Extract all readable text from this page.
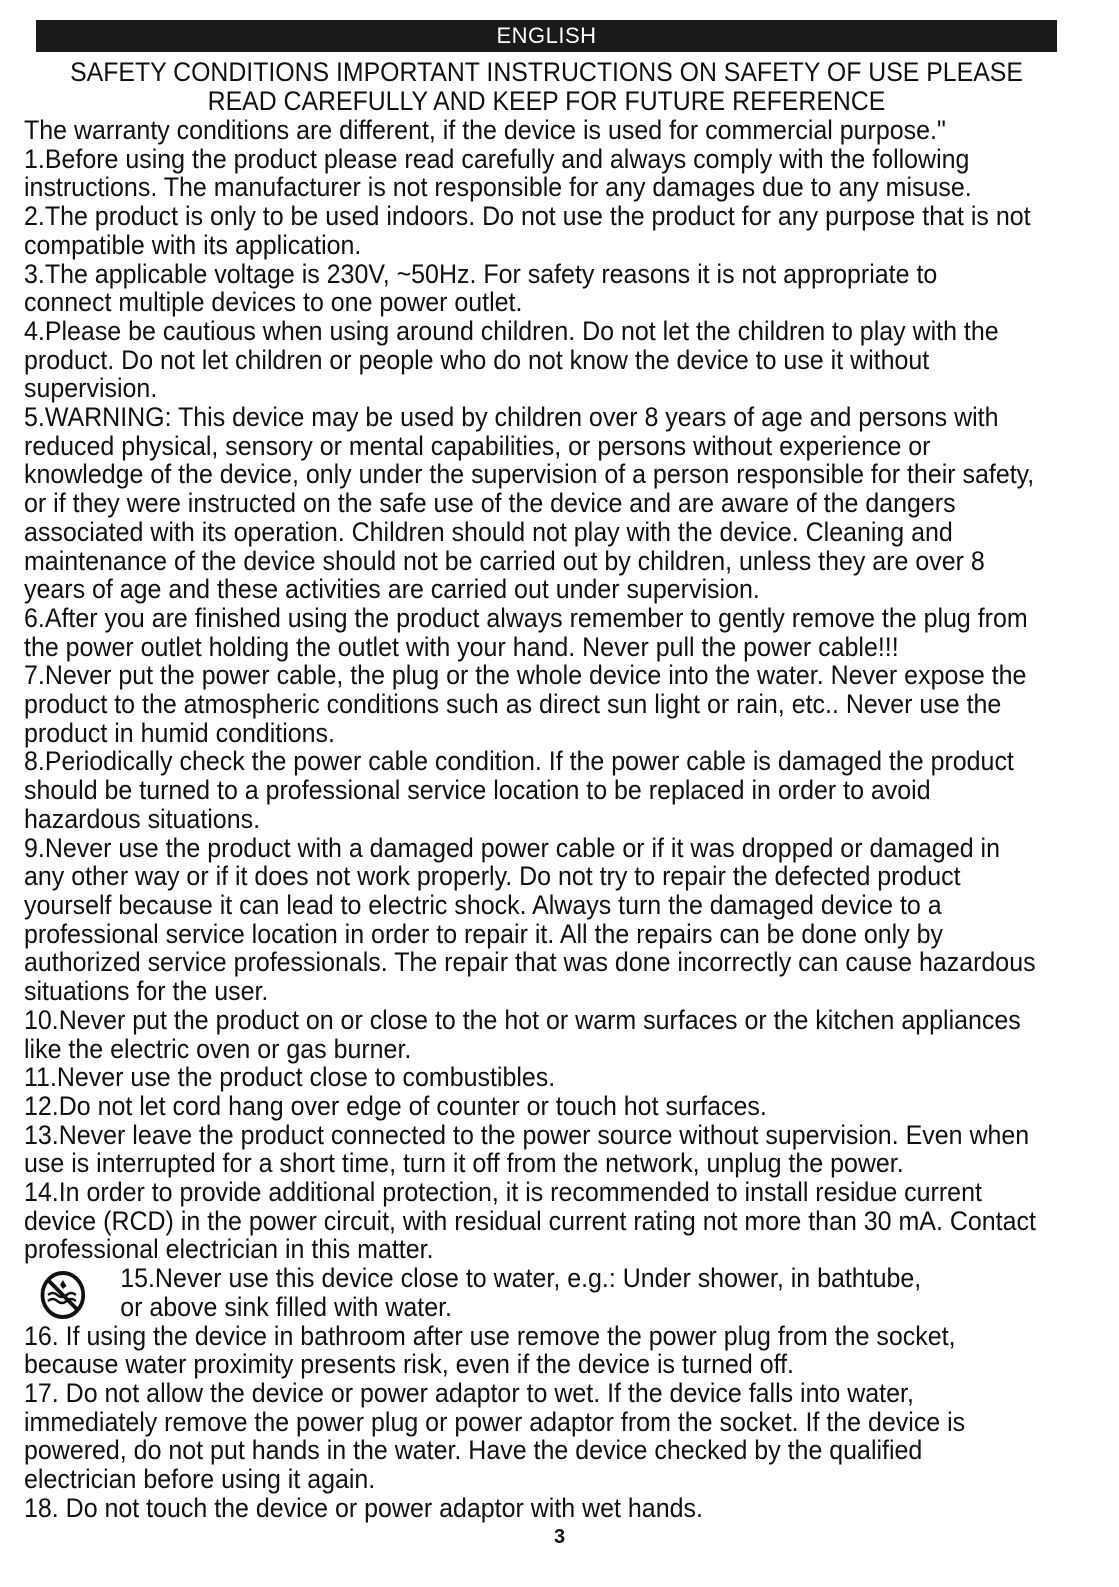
ENGLISH
SAFETY CONDITIONS IMPORTANT INSTRUCTIONS ON SAFETY OF USE PLEASE
READ CAREFULLY AND KEEP FOR FUTURE REFERENCE

The warranty conditions are different, if the device is used for commercial purpose."

1.Before using the product please read carefully and always comply with the following

instructions. The manufacturer is not responsible for any damages due to any misuse.

2.The product is only to be used indoors. Do not use the product for any purpose that is not

compatible with its application.

3.The applicable voltage is 230V, ~50Hz. For safety reasons it is not appropriate to

connect multiple devices to one power outlet.

4.Please be cautious when using around children. Do not let the children to play with the

product. Do not let children or people who do not know the device to use it without

supervision.

5.WARNING: This device may be used by children over 8 years of age and persons with

reduced physical, sensory or mental capabilities, or persons without experience or

knowledge of the device, only under the supervision of a person responsible for their safety,

or if they were instructed on the safe use of the device and are aware of the dangers

associated with its operation. Children should not play with the device. Cleaning and

maintenance of the device should not be carried out by children, unless they are over 8

years of age and these activities are carried out under supervision.

6.After you are finished using the product always remember to gently remove the plug from

the power outlet holding the outlet with your hand. Never pull the power cable!!!

7.Never put the power cable, the plug or the whole device into the water. Never expose the

product to the atmospheric conditions such as direct sun light or rain, etc.. Never use the

product in humid conditions.

8.Periodically check the power cable condition. If the power cable is damaged the product

should be turned to a professional service location to be replaced in order to avoid

hazardous situations.

9.Never use the product with a damaged power cable or if it was dropped or damaged in

any other way or if it does not work properly. Do not try to repair the defected product

yourself because it can lead to electric shock. Always turn the damaged device to a

professional service location in order to repair it. All the repairs can be done only by

authorized service professionals. The repair that was done incorrectly can cause hazardous

situations for the user.

10.Never put the product on or close to the hot or warm surfaces or the kitchen appliances

like the electric oven or gas burner.

11.Never use the product close to combustibles.

12.Do not let cord hang over edge of counter or touch hot surfaces.

13.Never leave the product connected to the power source without supervision. Even when

use is interrupted for a short time, turn it off from the network, unplug the power.

14.In order to provide additional protection, it is recommended to install residue current

device (RCD) in the power circuit, with residual current rating not more than 30 mA. Contact

professional electrician in this matter.

15.Never use this device close to water, e.g.: Under shower, in bathtube,

or above sink filled with water.

16. If using the device in bathroom after use remove the power plug from the socket,

because water proximity presents risk, even if the device is turned off.

17. Do not allow the device or power adaptor to wet. If the device falls into water,

immediately remove the power plug or power adaptor from the socket. If the device is

powered, do not put hands in the water. Have the device checked by the qualified

electrician before using it again.

18. Do not touch the device or power adaptor with wet hands.

3
